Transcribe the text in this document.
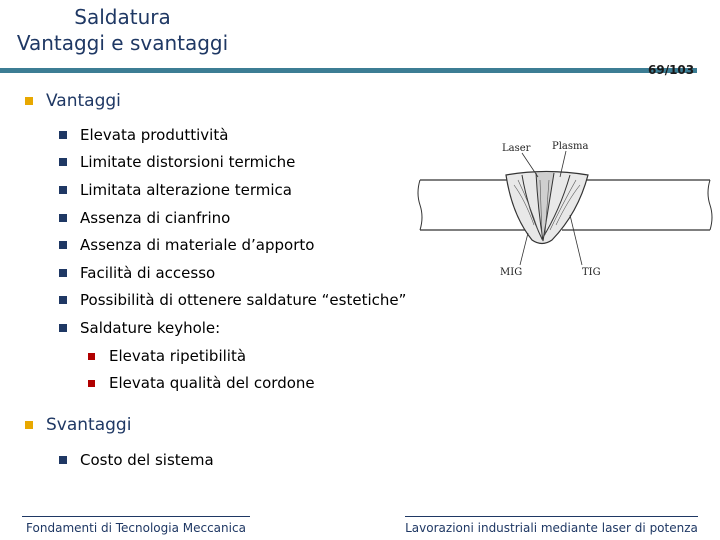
Saldatura
Vantaggi e svantaggi
69/103
Vantaggi
Elevata produttività
Limitate distorsioni termiche
Limitata alterazione termica
Assenza di cianfrino
Assenza di materiale d’apporto
Facilità di accesso
Possibilità di ottenere saldature “estetiche”
Saldature keyhole:
Elevata ripetibilità
Elevata qualità del cordone
Svantaggi
Costo del sistema
Laser Plasma
MIG	TIG
Fondamenti di Tecnologia Meccanica	Lavorazioni industriali mediante laser di potenza
